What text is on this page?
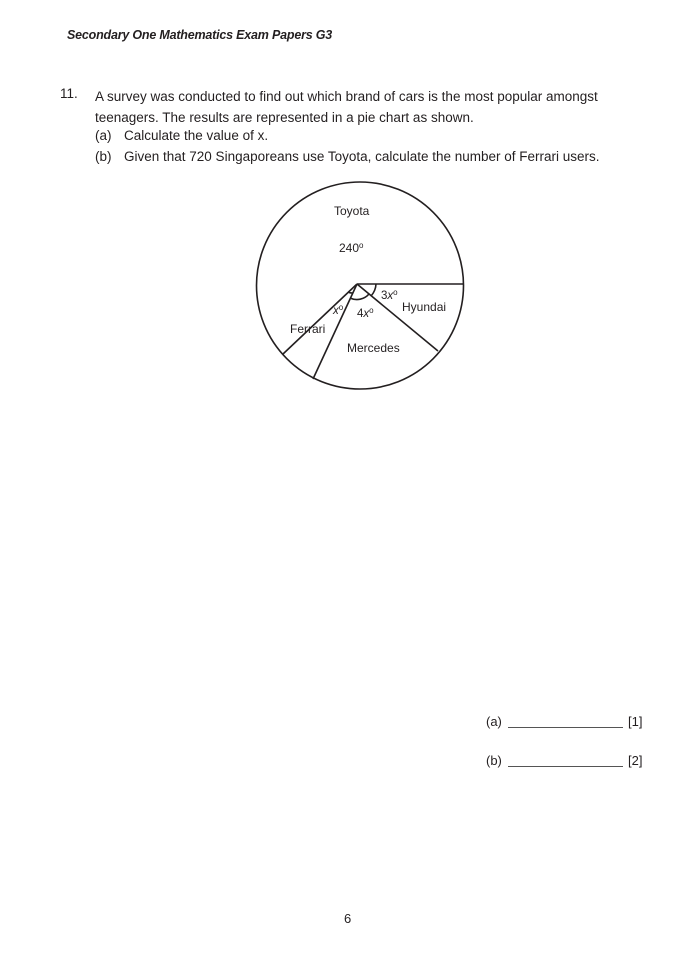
Secondary One Mathematics Exam Papers G3
11. A survey was conducted to find out which brand of cars is the most popular amongst teenagers. The results are represented in a pie chart as shown.
(a) Calculate the value of x.
(b) Given that 720 Singaporeans use Toyota, calculate the number of Ferrari users.
Toyota
240$^o$
Hyundai
$3x^o$
Mercedes
$4x^o$
Ferrari
$x^o$
(a)	[1]
(b)	[2]
6
